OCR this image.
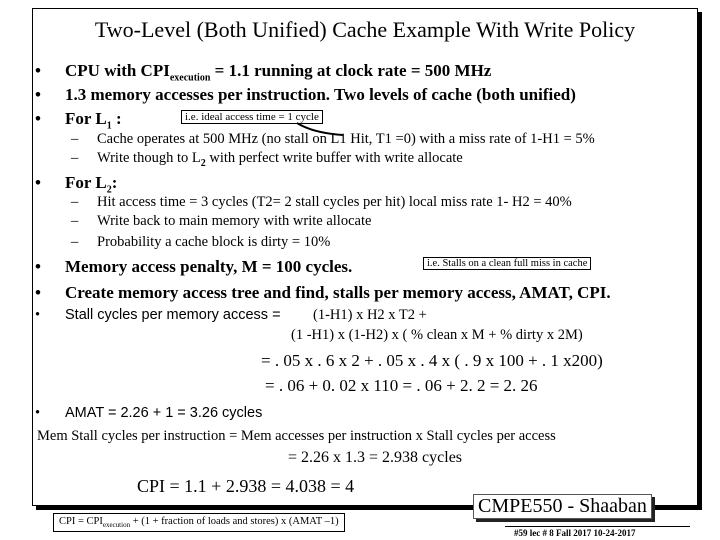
Two-Level (Both Unified) Cache Example With Write Policy
• CPU with $CPI_{execution} = 1.1$ running at clock rate = 500 MHz
• 1.3 memory accesses per instruction. Two levels of cache (both unified)
• For $L_1$ :	i.e. ideal access time = 1 cycle
– Cache operates at 500 MHz (no stall on L1 Hit, T1 =0) with a miss rate of 1-H1 = 5%
– Write though to $L_2$ with perfect write buffer with write allocate
• For $L_2$:
– Hit access time = 3 cycles (T2= 2 stall cycles per hit) local miss rate 1- H2 = 40%
– Write back to main memory with write allocate
– Probability a cache block is dirty = 10%
• Memory access penalty, M = 100 cycles.	i.e. Stalls on a clean full miss in cache
• Create memory access tree and find, stalls per memory access, AMAT, CPI.
• Stall cycles per memory access = (1-H1) x H2 x T2 +
(1 -H1) x (1-H2) x ( % clean x M + % dirty x 2M)
= . 05 x . 6 x 2 + . 05 x . 4 x ( . 9 x 100 + . 1 x200)
= . 06 + 0. 02 x 110 = . 06 + 2. 2 = 2. 26
• AMAT = 2.26 + 1 = 3.26 cycles
Mem Stall cycles per instruction = Mem accesses per instruction x Stall cycles per access
= 2.26 x 1.3 = 2.938 cycles
CPI = 1.1 + 2.938 = 4.038 = 4
CPI = $CPI_{execution} + (1$ + fraction of loads and stores) x (AMAT –1)
CMPE550 - Shaaban
#59 lec # 8 Fall 2017 10-24-2017
